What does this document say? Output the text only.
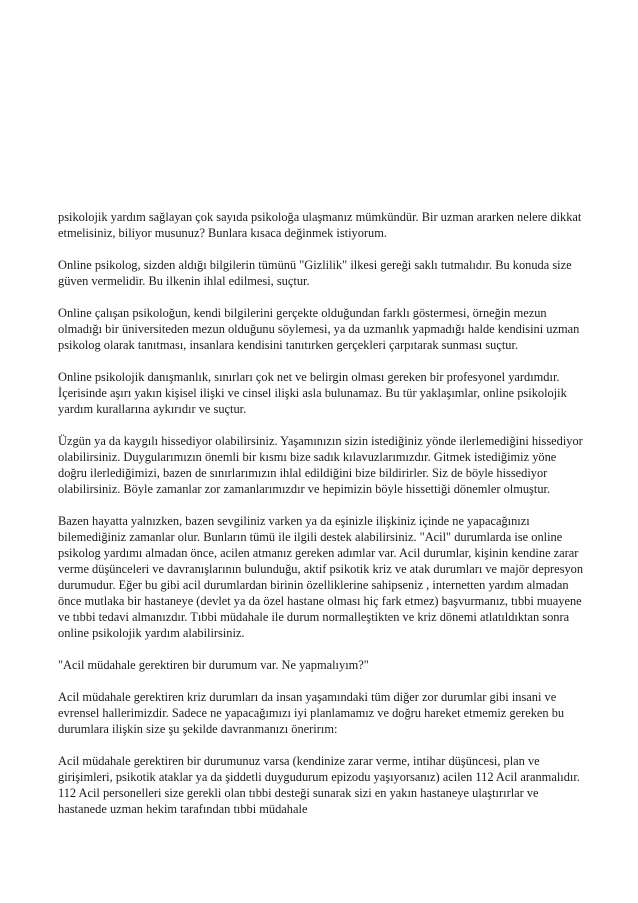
psikolojik yardım sağlayan çok sayıda psikoloğa ulaşmanız mümkündür. Bir uzman ararken nelere dikkat etmelisiniz, biliyor musunuz? Bunlara kısaca değinmek istiyorum.

Online psikolog, sizden aldığı bilgilerin tümünü "Gizlilik" ilkesi gereği saklı tutmalıdır. Bu konuda size güven vermelidir. Bu ilkenin ihlal edilmesi, suçtur.

Online çalışan psikoloğun, kendi bilgilerini gerçekte olduğundan farklı göstermesi, örneğin mezun olmadığı bir üniversiteden mezun olduğunu söylemesi, ya da uzmanlık yapmadığı halde kendisini uzman psikolog olarak tanıtması, insanlara kendisini tanıtırken gerçekleri çarpıtarak sunması suçtur.

Online psikolojik danışmanlık, sınırları çok net ve belirgin olması gereken bir profesyonel yardımdır. İçerisinde aşırı yakın kişisel ilişki ve cinsel ilişki asla bulunamaz. Bu tür yaklaşımlar, online psikolojik yardım kurallarına aykırıdır ve suçtur.

Üzgün ya da kaygılı hissediyor olabilirsiniz. Yaşamınızın sizin istediğiniz yönde ilerlemediğini hissediyor olabilirsiniz. Duygularımızın önemli bir kısmı bize sadık kılavuzlarımızdır. Gitmek istediğimiz yöne doğru ilerlediğimizi, bazen de sınırlarımızın ihlal edildiğini bize bildirirler. Siz de böyle hissediyor olabilirsiniz. Böyle zamanlar zor zamanlarımızdır ve hepimizin böyle hissettiği dönemler olmuştur.

Bazen hayatta yalnızken, bazen sevgiliniz varken ya da eşinizle ilişkiniz içinde ne yapacağınızı bilemediğiniz zamanlar olur. Bunların tümü ile ilgili destek alabilirsiniz. "Acil" durumlarda ise online psikolog yardımı almadan önce, acilen atmanız gereken adımlar var. Acil durumlar, kişinin kendine zarar verme düşünceleri ve davranışlarının bulunduğu, aktif psikotik kriz ve atak durumları ve majör depresyon durumudur. Eğer bu gibi acil durumlardan birinin özelliklerine sahipseniz , internetten yardım almadan önce mutlaka bir hastaneye (devlet ya da özel hastane olması hiç fark etmez) başvurmanız, tıbbi muayene ve tıbbi tedavi almanızdır. Tıbbi müdahale ile durum normalleştikten ve kriz dönemi atlatıldıktan sonra online psikolojik yardım alabilirsiniz.

"Acil müdahale gerektiren bir durumum var. Ne yapmalıyım?"

Acil müdahale gerektiren kriz durumları da insan yaşamındaki tüm diğer zor durumlar gibi insani ve evrensel hallerimizdir. Sadece ne yapacağımızı iyi planlamamız ve doğru hareket etmemiz gereken bu durumlara ilişkin size şu şekilde davranmanızı önerirım:

Acil müdahale gerektiren bir durumunuz varsa (kendinize zarar verme, intihar düşüncesi, plan ve girişimleri, psikotik ataklar ya da şiddetli duygudurum epizodu yaşıyorsanız) acilen 112 Acil aranmalıdır. 112 Acil personelleri size gerekli olan tıbbi desteği sunarak sizi en yakın hastaneye ulaştırırlar ve hastanede uzman hekim tarafından tıbbi müdahale
